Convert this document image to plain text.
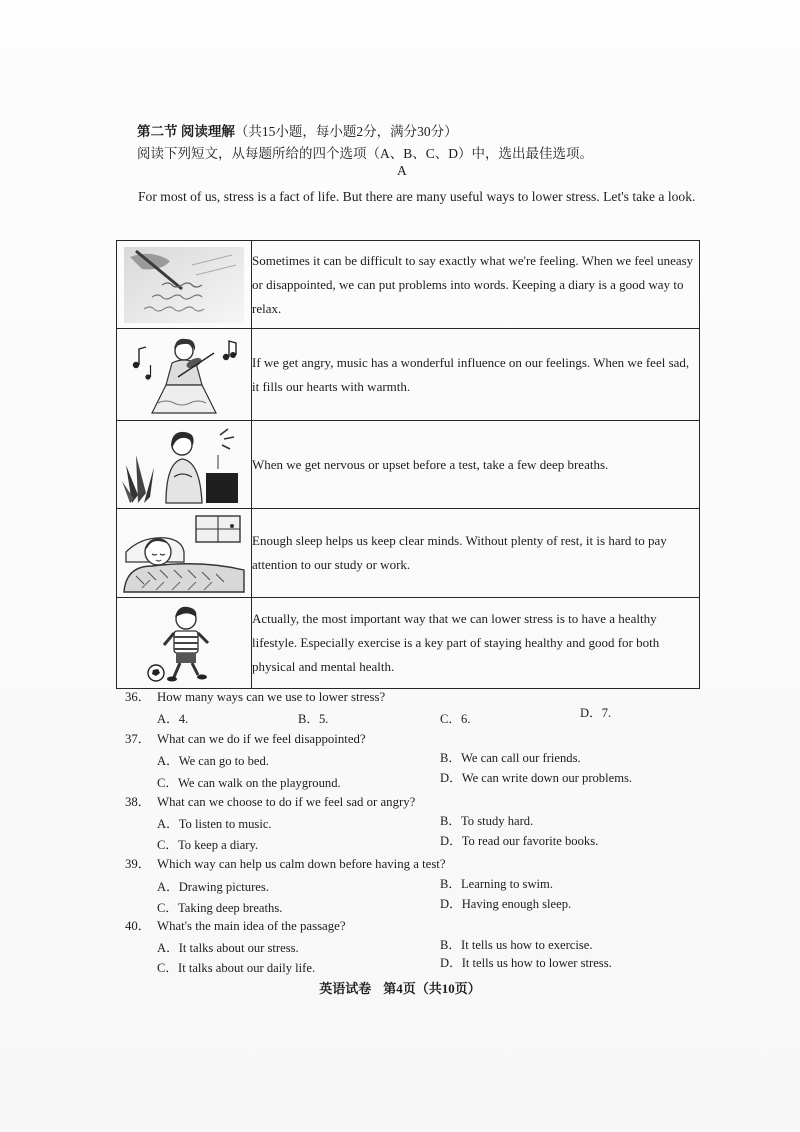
第二节 阅读理解（共15小题，每小题2分，满分30分）
阅读下列短文，从每题所给的四个选项（A、B、C、D）中，选出最佳选项。
A
For most of us, stress is a fact of life. But there are many useful ways to lower stress. Let's take a look.
	Sometimes it can be difficult to say exactly what we're feeling. When we feel uneasy or disappointed, we can put problems into words. Keeping a diary is a good way to relax.

	If we get angry, music has a wonderful influence on our feelings. When we feel sad, it fills our hearts with warmth.

	When we get nervous or upset before a test, take a few deep breaths.

	Enough sleep helps us keep clear minds. Without plenty of rest, it is hard to pay attention to our study or work.

	Actually, the most important way that we can lower stress is to have a healthy lifestyle. Especially exercise is a key part of staying healthy and good for both physical and mental health.
36． How many ways can we use to lower stress?
A．4.	B．5.	C．6.	D．7.
37． What can we do if we feel disappointed?
A．We can go to bed.	B．We can call our friends.
C．We can walk on the playground.	D．We can write down our problems.
38． What can we choose to do if we feel sad or angry?
A．To listen to music.	B．To study hard.
C．To keep a diary.	D．To read our favorite books.
39． Which way can help us calm down before having a test?
A．Drawing pictures.	B．Learning to swim.
C．Taking deep breaths.	D．Having enough sleep.
40． What's the main idea of the passage?
A．It talks about our stress.	B．It tells us how to exercise.
C．It talks about our daily life.	D．It tells us how to lower stress.
英语试卷 第4页（共10页）
